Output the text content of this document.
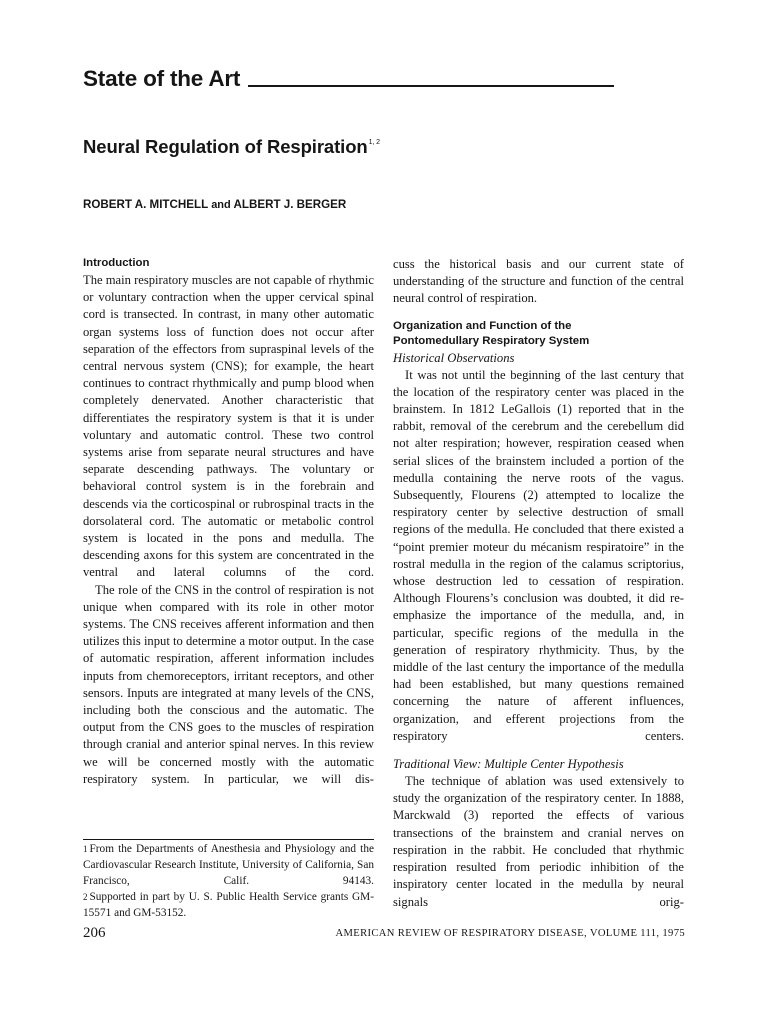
State of the Art
Neural Regulation of Respiration$^{1, 2}$
ROBERT A. MITCHELL and ALBERT J. BERGER
Introduction

The main respiratory muscles are not capable of rhythmic or voluntary contraction when the upper cervical spinal cord is transected. In contrast, in many other automatic organ systems loss of function does not occur after separation of the effectors from supraspinal levels of the central nervous system (CNS); for example, the heart continues to contract rhythmically and pump blood when completely denervated. Another characteristic that differentiates the respiratory system is that it is under voluntary and automatic control. These two control systems arise from separate neural structures and have separate descending pathways. The voluntary or behavioral control system is in the forebrain and descends via the corticospinal or rubrospinal tracts in the dorsolateral cord. The automatic or metabolic control system is located in the pons and medulla. The descending axons for this system are concentrated in the ventral and lateral columns of the cord.

The role of the CNS in the control of respiration is not unique when compared with its role in other motor systems. The CNS receives afferent information and then utilizes this input to determine a motor output. In the case of automatic respiration, afferent information includes inputs from chemoreceptors, irritant receptors, and other sensors. Inputs are integrated at many levels of the CNS, including both the conscious and the automatic. The output from the CNS goes to the muscles of respiration through cranial and anterior spinal nerves. In this review we will be concerned mostly with the automatic respiratory system. In particular, we will dis-

1 From the Departments of Anesthesia and Physiology and the Cardiovascular Research Institute, University of California, San Francisco, Calif. 94143.

2 Supported in part by U. S. Public Health Service grants GM-15571 and GM-53152.

cuss the historical basis and our current state of understanding of the structure and function of the central neural control of respiration.

Organization and Function of the
Pontomedullary Respiratory System
Historical Observations

It was not until the beginning of the last century that the location of the respiratory center was placed in the brainstem. In 1812 LeGallois (1) reported that in the rabbit, removal of the cerebrum and the cerebellum did not alter respiration; however, respiration ceased when serial slices of the brainstem included a portion of the medulla containing the nerve roots of the vagus. Subsequently, Flourens (2) attempted to localize the respiratory center by selective destruction of small regions of the medulla. He concluded that there existed a “point premier moteur du mécanism respiratoire” in the rostral medulla in the region of the calamus scriptorius, whose destruction led to cessation of respiration. Although Flourens’s conclusion was doubted, it did re-emphasize the importance of the medulla, and, in particular, specific regions of the medulla in the generation of respiratory rhythmicity. Thus, by the middle of the last century the importance of the medulla had been established, but many questions remained concerning the nature of afferent influences, organization, and efferent projections from the respiratory centers.

Traditional View: Multiple Center Hypothesis

The technique of ablation was used extensively to study the organization of the respiratory center. In 1888, Marckwald (3) reported the effects of various transections of the brainstem and cranial nerves on respiration in the rabbit. He concluded that rhythmic respiration resulted from periodic inhibition of the inspiratory center located in the medulla by neural signals orig-

206	AMERICAN REVIEW OF RESPIRATORY DISEASE, VOLUME 111, 1975
